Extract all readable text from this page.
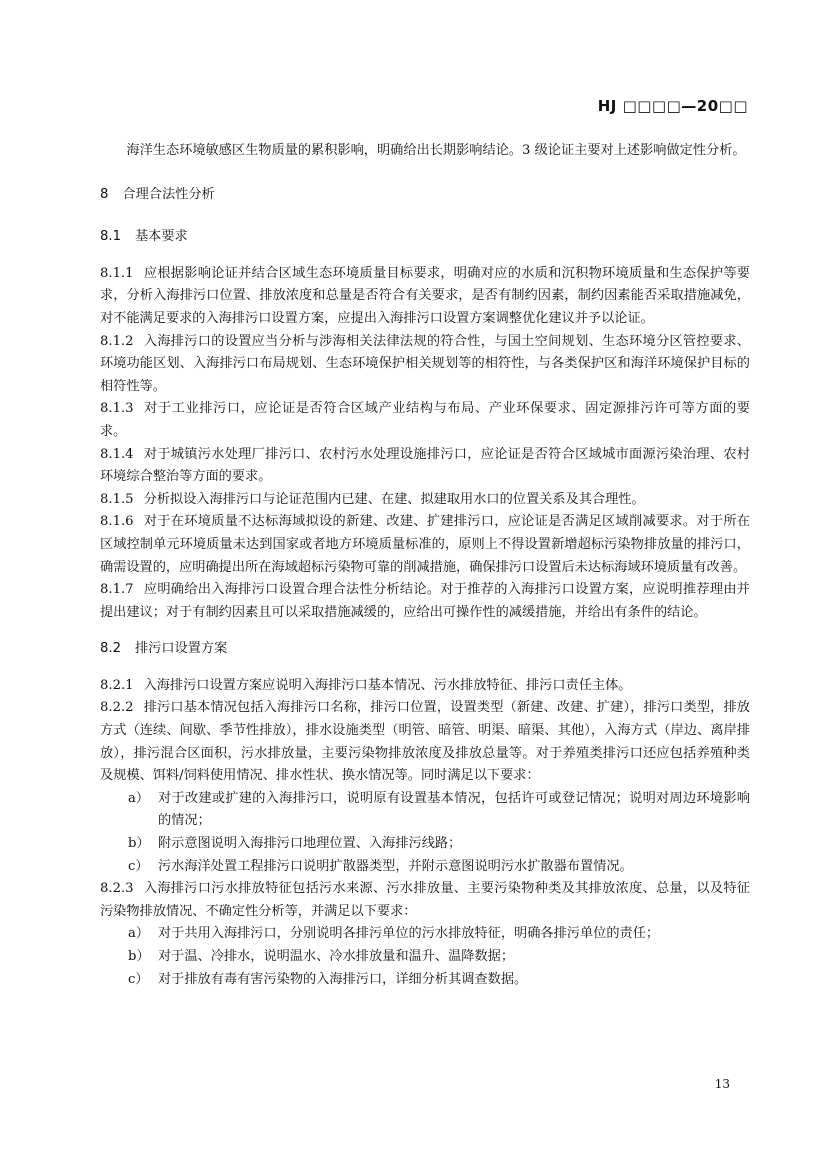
HJ □□□□—20□□

海洋生态环境敏感区生物质量的累积影响，明确给出长期影响结论。3 级论证主要对上述影响做定性分析。

8 合理合法性分析
8.1 基本要求

8.1.1 应根据影响论证并结合区域生态环境质量目标要求，明确对应的水质和沉积物环境质量和生态保护等要求，分析入海排污口位置、排放浓度和总量是否符合有关要求，是否有制约因素，制约因素能否采取措施减免，对不能满足要求的入海排污口设置方案，应提出入海排污口设置方案调整优化建议并予以论证。

8.1.2 入海排污口的设置应当分析与涉海相关法律法规的符合性，与国土空间规划、生态环境分区管控要求、环境功能区划、入海排污口布局规划、生态环境保护相关规划等的相符性，与各类保护区和海洋环境保护目标的相符性等。

8.1.3 对于工业排污口，应论证是否符合区域产业结构与布局、产业环保要求、固定源排污许可等方面的要求。

8.1.4 对于城镇污水处理厂排污口、农村污水处理设施排污口，应论证是否符合区域城市面源污染治理、农村环境综合整治等方面的要求。

8.1.5 分析拟设入海排污口与论证范围内已建、在建、拟建取用水口的位置关系及其合理性。

8.1.6 对于在环境质量不达标海域拟设的新建、改建、扩建排污口，应论证是否满足区域削减要求。对于所在区域控制单元环境质量未达到国家或者地方环境质量标准的，原则上不得设置新增超标污染物排放量的排污口，确需设置的，应明确提出所在海域超标污染物可靠的削减措施，确保排污口设置后未达标海域环境质量有改善。

8.1.7 应明确给出入海排污口设置合理合法性分析结论。对于推荐的入海排污口设置方案，应说明推荐理由并提出建议；对于有制约因素且可以采取措施减缓的，应给出可操作性的减缓措施，并给出有条件的结论。

8.2 排污口设置方案

8.2.1 入海排污口设置方案应说明入海排污口基本情况、污水排放特征、排污口责任主体。

8.2.2 排污口基本情况包括入海排污口名称，排污口位置，设置类型（新建、改建、扩建），排污口类型，排放方式（连续、间歇、季节性排放），排水设施类型（明管、暗管、明渠、暗渠、其他），入海方式（岸边、离岸排放），排污混合区面积，污水排放量，主要污染物排放浓度及排放总量等。对于养殖类排污口还应包括养殖种类及规模、饵料/饲料使用情况、排水性状、换水情况等。同时满足以下要求：

a） 对于改建或扩建的入海排污口，说明原有设置基本情况，包括许可或登记情况；说明对周边环境影响的情况；
b） 附示意图说明入海排污口地理位置、入海排污线路；
c） 污水海洋处置工程排污口说明扩散器类型，并附示意图说明污水扩散器布置情况。

8.2.3 入海排污口污水排放特征包括污水来源、污水排放量、主要污染物种类及其排放浓度、总量，以及特征污染物排放情况、不确定性分析等，并满足以下要求：

a） 对于共用入海排污口，分别说明各排污单位的污水排放特征，明确各排污单位的责任；
b） 对于温、冷排水，说明温水、冷水排放量和温升、温降数据；
c） 对于排放有毒有害污染物的入海排污口，详细分析其调查数据。
13
